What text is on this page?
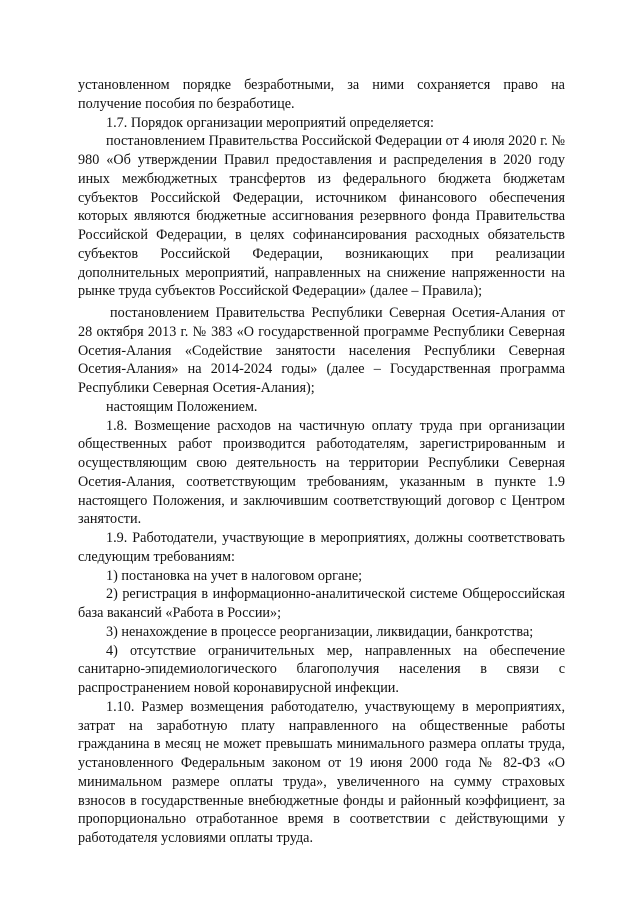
установленном порядке безработными, за ними сохраняется право на получение пособия по безработице.

1.7. Порядок организации мероприятий определяется:

постановлением Правительства Российской Федерации от 4 июля 2020 г. № 980 «Об утверждении Правил предоставления и распределения в 2020 году иных межбюджетных трансфертов из федерального бюджета бюджетам субъектов Российской Федерации, источником финансового обеспечения которых являются бюджетные ассигнования резервного фонда Правительства Российской Федерации, в целях софинансирования расходных обязательств субъектов Российской Федерации, возникающих при реализации дополнительных мероприятий, направленных на снижение напряженности на рынке труда субъектов Российской Федерации» (далее – Правила);

постановлением Правительства Республики Северная Осетия-Алания от 28 октября 2013 г. № 383 «О государственной программе Республики Северная Осетия-Алания «Содействие занятости населения Республики Северная Осетия-Алания» на 2014-2024 годы» (далее – Государственная программа Республики Северная Осетия-Алания);

настоящим Положением.

1.8. Возмещение расходов на частичную оплату труда при организации общественных работ производится работодателям, зарегистрированным и осуществляющим свою деятельность на территории Республики Северная Осетия-Алания, соответствующим требованиям, указанным в пункте 1.9 настоящего Положения, и заключившим соответствующий договор с Центром занятости.

1.9. Работодатели, участвующие в мероприятиях, должны соответствовать следующим требованиям:

1) постановка на учет в налоговом органе;

2) регистрация в информационно-аналитической системе Общероссийская база вакансий «Работа в России»;

3) ненахождение в процессе реорганизации, ликвидации, банкротства;

4) отсутствие ограничительных мер, направленных на обеспечение санитарно-эпидемиологического благополучия населения в связи с распространением новой коронавирусной инфекции.

1.10. Размер возмещения работодателю, участвующему в мероприятиях, затрат на заработную плату направленного на общественные работы гражданина в месяц не может превышать минимального размера оплаты труда, установленного Федеральным законом от 19 июня 2000 года № 82-ФЗ «О минимальном размере оплаты труда», увеличенного на сумму страховых взносов в государственные внебюджетные фонды и районный коэффициент, за пропорционально отработанное время в соответствии с действующими у работодателя условиями оплаты труда.
